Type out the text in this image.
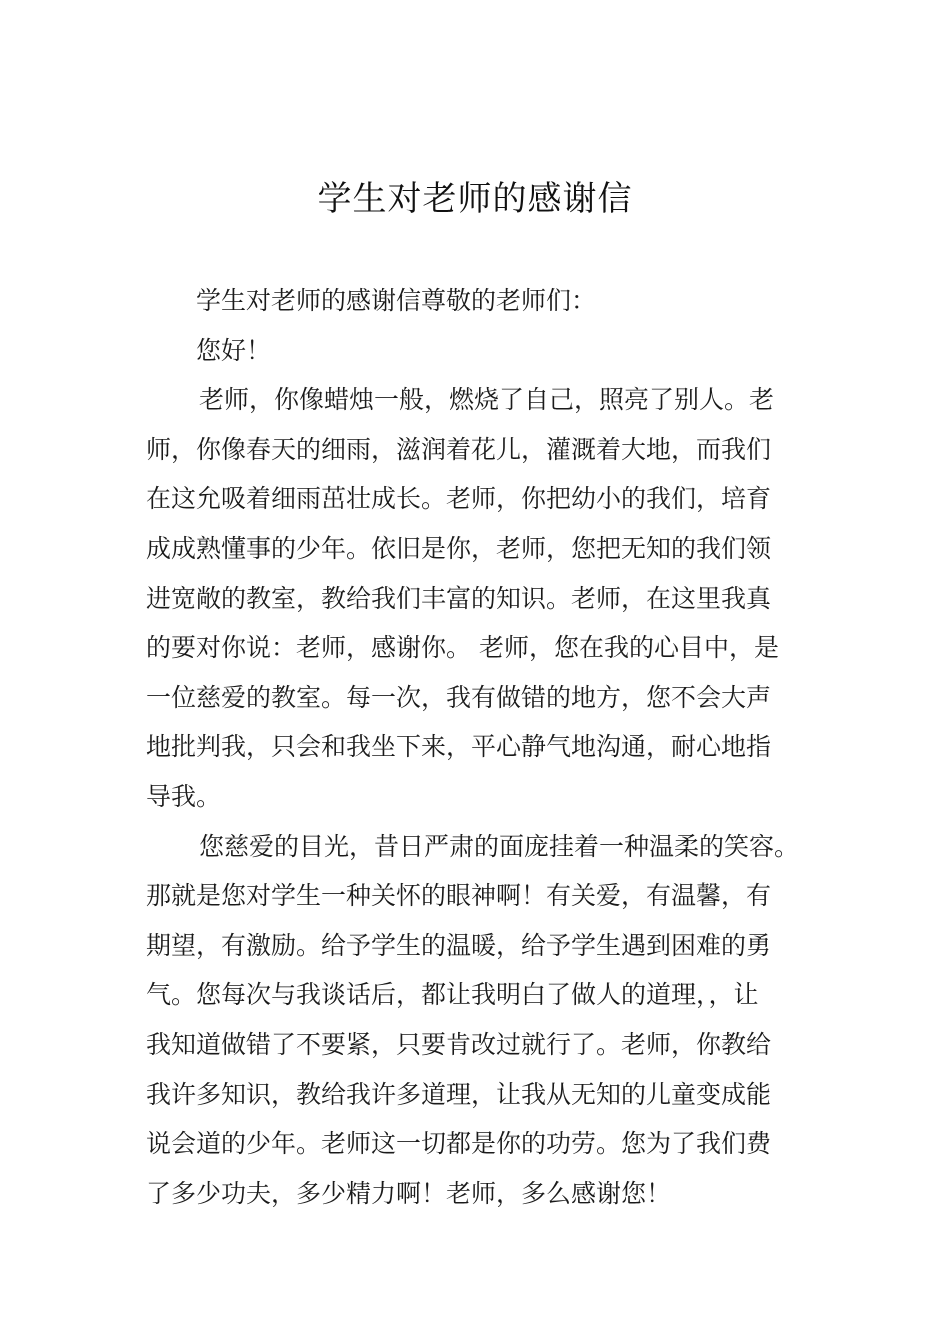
学生对老师的感谢信
学生对老师的感谢信尊敬的老师们：
您好！
老师，你像蜡烛一般，燃烧了自己，照亮了别人。老
师，你像春天的细雨，滋润着花儿，灌溉着大地，而我们
在这允吸着细雨茁壮成长。老师，你把幼小的我们，培育
成成熟懂事的少年。依旧是你，老师，您把无知的我们领
进宽敞的教室，教给我们丰富的知识。老师，在这里我真
的要对你说：老师，感谢你。 老师，您在我的心目中，是
一位慈爱的教室。每一次，我有做错的地方，您不会大声
地批判我，只会和我坐下来，平心静气地沟通，耐心地指
导我。
您慈爱的目光，昔日严肃的面庞挂着一种温柔的笑容。
那就是您对学生一种关怀的眼神啊！有关爱，有温馨，有
期望，有激励。给予学生的温暖，给予学生遇到困难的勇
气。您每次与我谈话后，都让我明白了做人的道理，，让
我知道做错了不要紧，只要肯改过就行了。老师，你教给
我许多知识，教给我许多道理，让我从无知的儿童变成能
说会道的少年。老师这一切都是你的功劳。您为了我们费
了多少功夫，多少精力啊！老师，多么感谢您！
